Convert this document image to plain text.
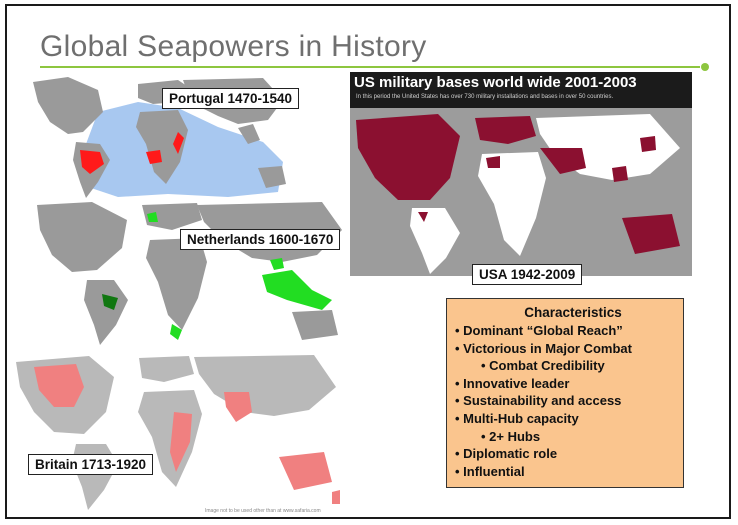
Global Seapowers in History
Portugal 1470-1540
Netherlands 1600-1670
Britain 1713-1920
US military bases world wide 2001-2003
In this period the United States has over 730 military installations and bases in over 50 countries.
USA 1942-2009
Characteristics
• Dominant “Global Reach”
• Victorious in Major Combat
• Combat Credibility
• Innovative leader
• Sustainability and access
• Multi-Hub capacity
• 2+ Hubs
• Diplomatic role
• Influential
Image not to be used other than at www.safaria.com
